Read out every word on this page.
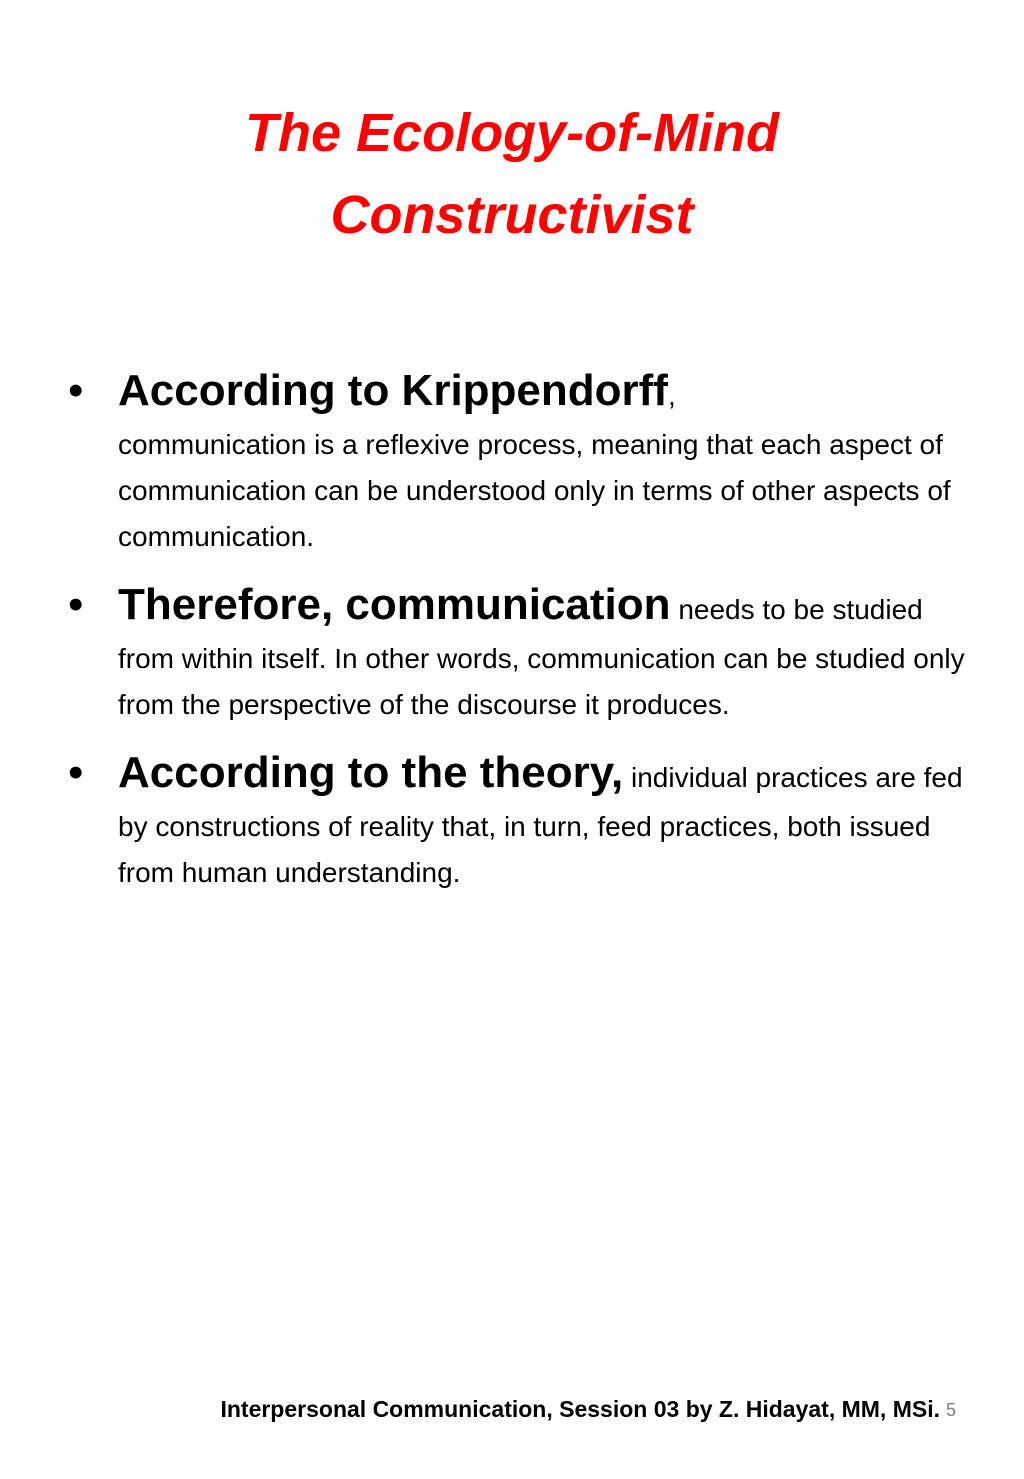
The Ecology-of-Mind
Constructivist
• According to Krippendorff,
communication is a reflexive process, meaning that each aspect of communication can be understood only in terms of other aspects of communication.
• Therefore, communication needs to be studied from within itself. In other words, communication can be studied only from the perspective of the discourse it produces.
• According to the theory, individual practices are fed by constructions of reality that, in turn, feed practices, both issued from human understanding.
Interpersonal Communication, Session 03 by Z. Hidayat, MM, MSi. 5
